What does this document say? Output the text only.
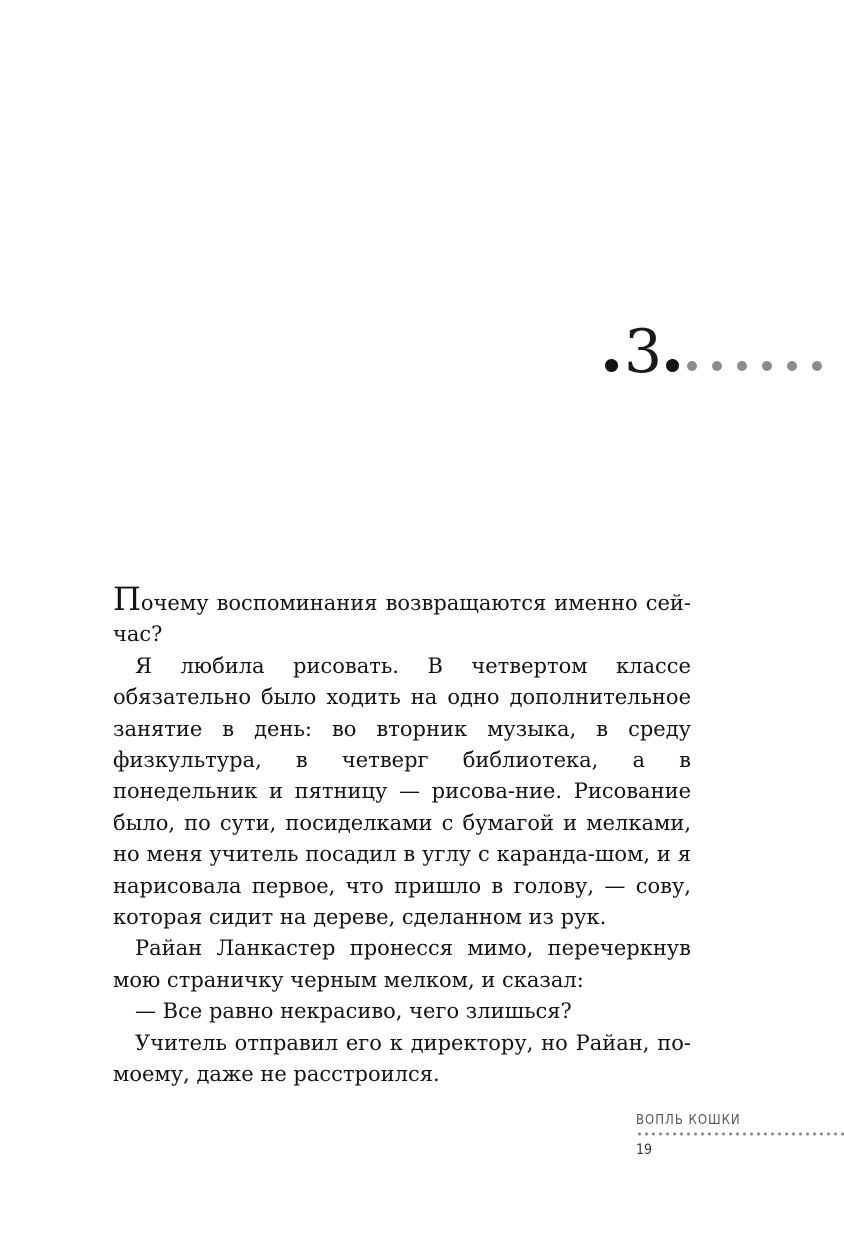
3

Почему воспоминания возвращаются именно сей-час?

Я любила рисовать. В четвертом классе обязательно было ходить на одно дополнительное занятие в день: во вторник музыка, в среду физкультура, в четверг библиотека, а в понедельник и пятницу — рисова-ние. Рисование было, по сути, посиделками с бумагой и мелками, но меня учитель посадил в углу с каранда-шом, и я нарисовала первое, что пришло в голову, — сову, которая сидит на дереве, сделанном из рук.

Райан Ланкастер пронесся мимо, перечеркнув мою страничку черным мелком, и сказал:

— Все равно некрасиво, чего злишься?

Учитель отправил его к директору, но Райан, по-моему, даже не расстроился.

ВОПЛЬ КОШКИ
19
